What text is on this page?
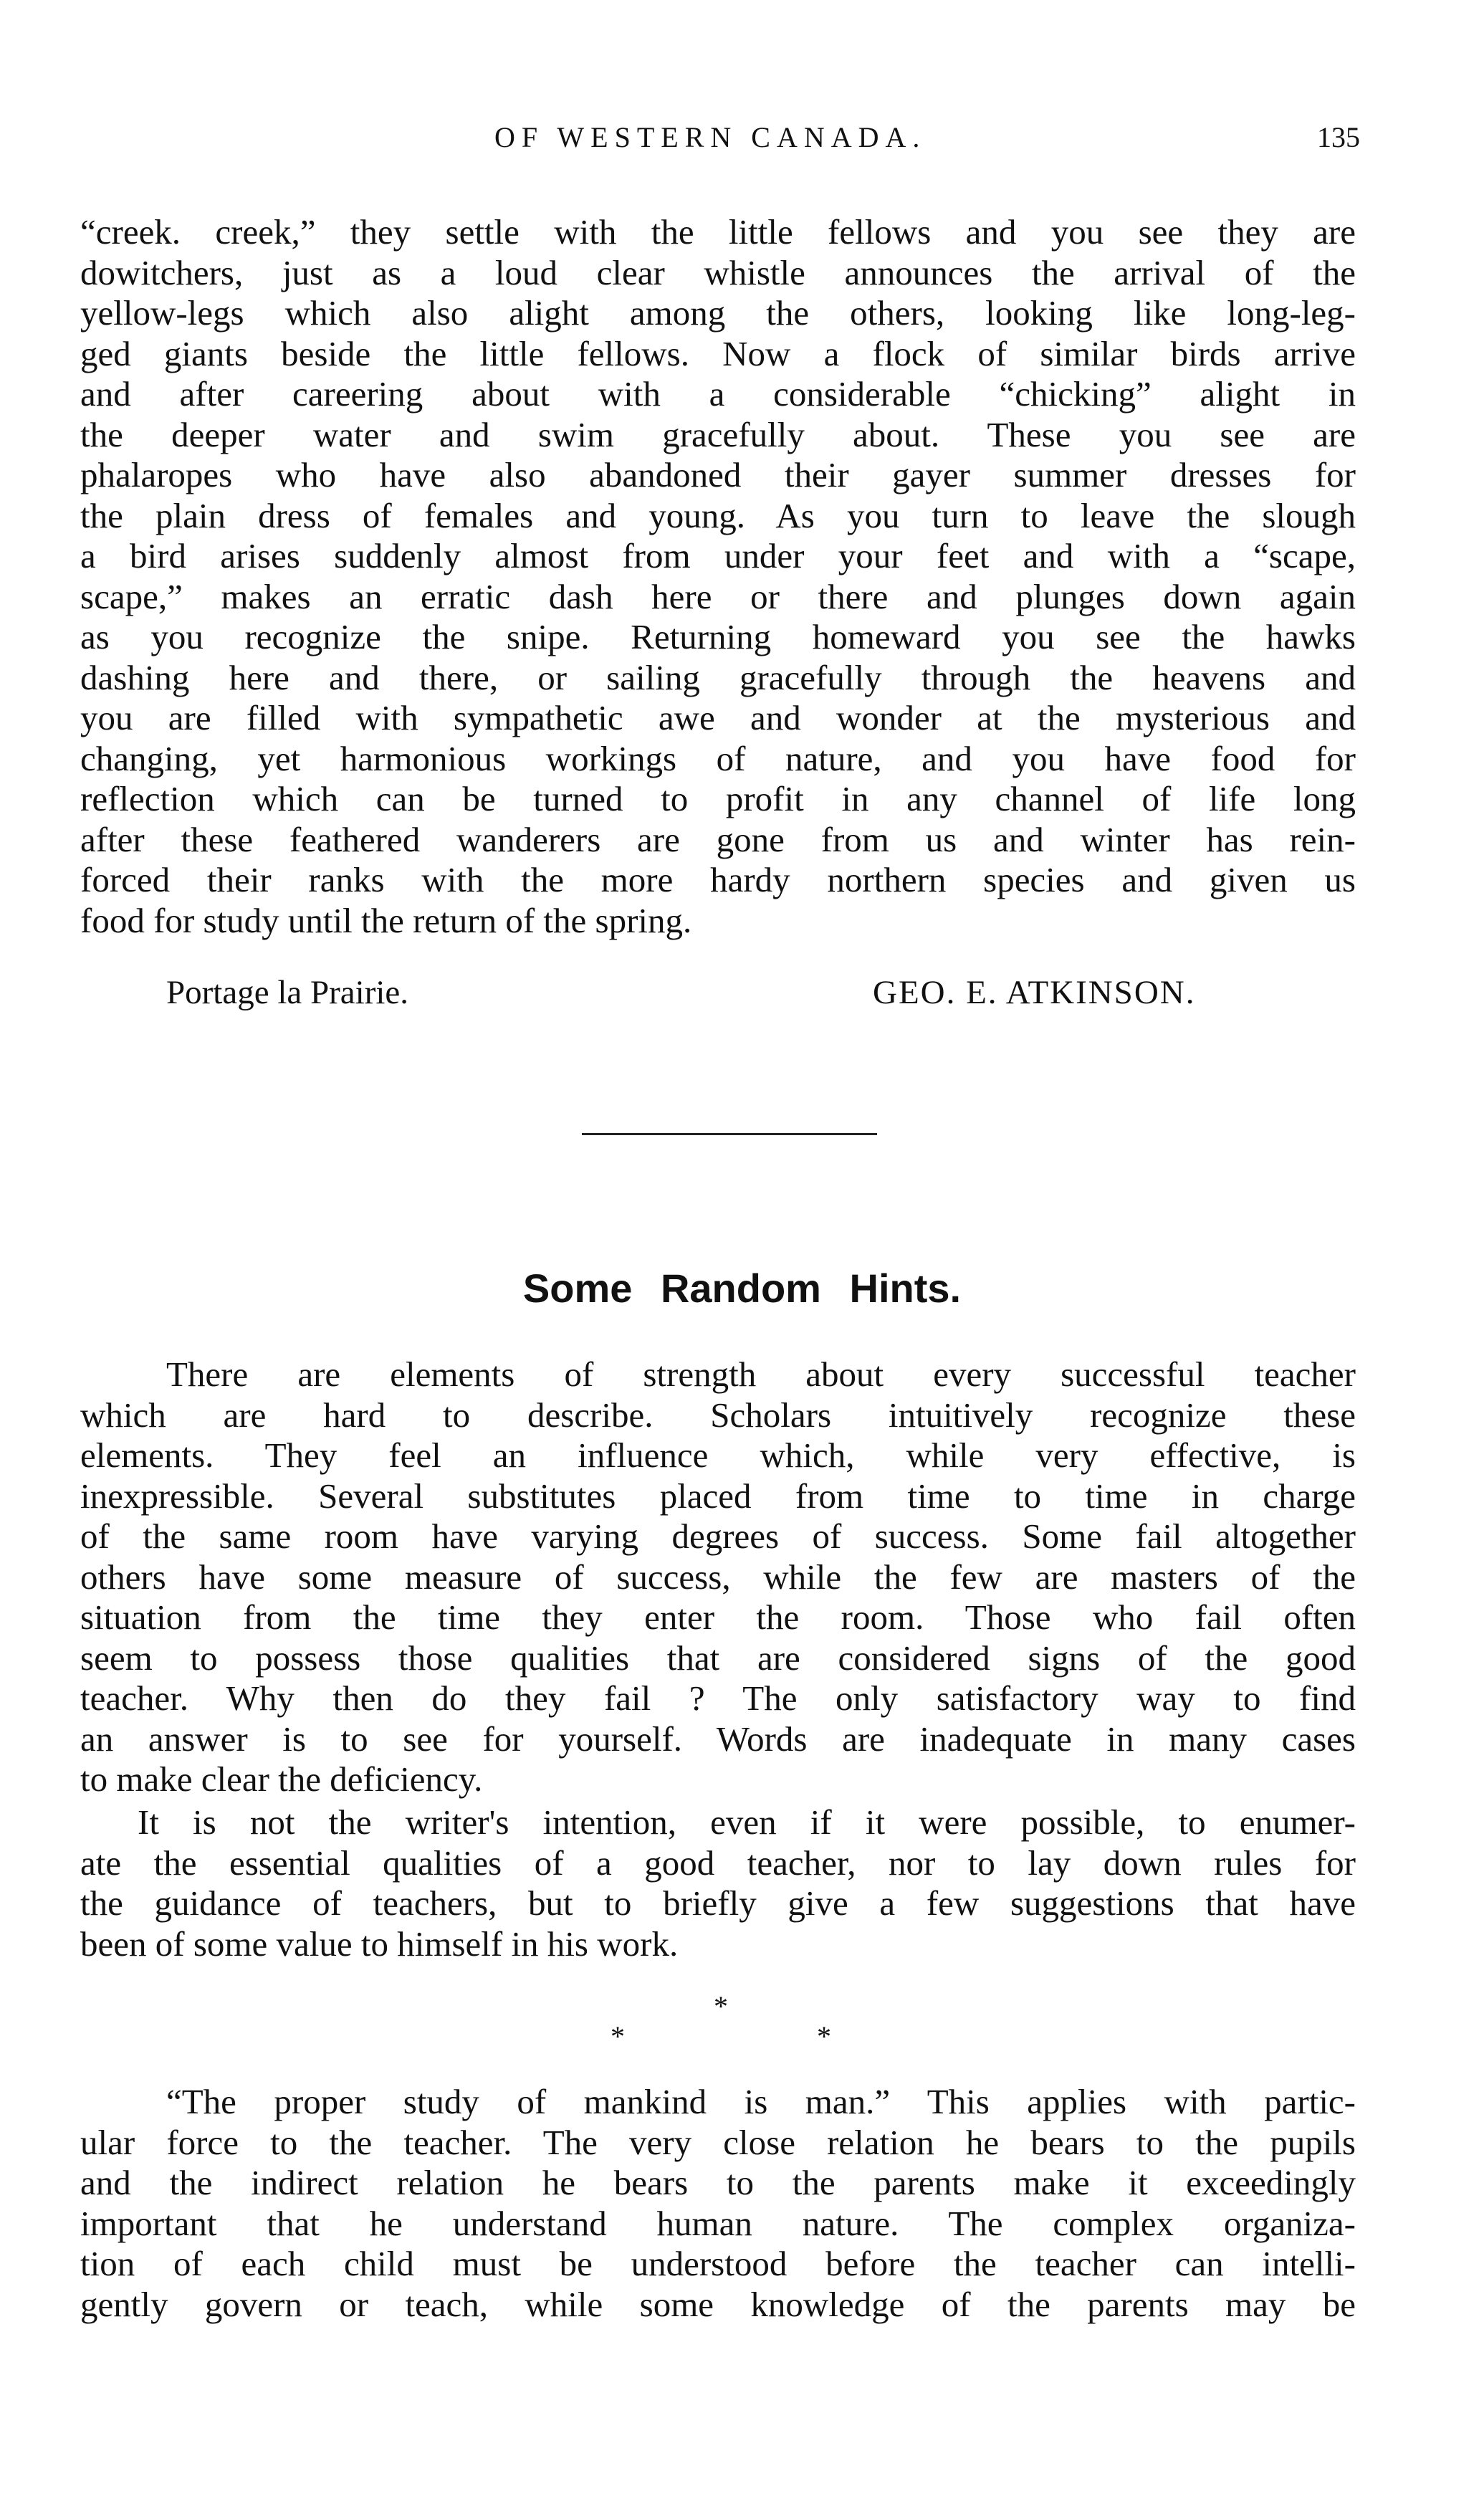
OF WESTERN CANADA.	135
“creek. creek,” they settle with the little fellows and you see they are
dowitchers, just as a loud clear whistle announces the arrival of the
yellow-legs which also alight among the others, looking like long-leg-
ged giants beside the little fellows. Now a flock of similar birds arrive
and after careering about with a considerable “chicking” alight in
the deeper water and swim gracefully about. These you see are
phalaropes who have also abandoned their gayer summer dresses for
the plain dress of females and young. As you turn to leave the slough
a bird arises suddenly almost from under your feet and with a “scape,
scape,” makes an erratic dash here or there and plunges down again
as you recognize the snipe. Returning homeward you see the hawks
dashing here and there, or sailing gracefully through the heavens and
you are filled with sympathetic awe and wonder at the mysterious and
changing, yet harmonious workings of nature, and you have food for
reflection which can be turned to profit in any channel of life long
after these feathered wanderers are gone from us and winter has rein-
forced their ranks with the more hardy northern species and given us
food for study until the return of the spring.
Portage la Prairie.	GEO. E. ATKINSON.
Some Random Hints.
There are elements of strength about every successful teacher
which are hard to describe. Scholars intuitively recognize these
elements. They feel an influence which, while very effective, is
inexpressible. Several substitutes placed from time to time in charge
of the same room have varying degrees of success. Some fail altogether
others have some measure of success, while the few are masters of the
situation from the time they enter the room. Those who fail often
seem to possess those qualities that are considered signs of the good
teacher. Why then do they fail ? The only satisfactory way to find
an answer is to see for yourself. Words are inadequate in many cases
to make clear the deficiency.
It is not the writer's intention, even if it were possible, to enumer-
ate the essential qualities of a good teacher, nor to lay down rules for
the guidance of teachers, but to briefly give a few suggestions that have
been of some value to himself in his work.
*
*	*
“The proper study of mankind is man.” This applies with partic-
ular force to the teacher. The very close relation he bears to the pupils
and the indirect relation he bears to the parents make it exceedingly
important that he understand human nature. The complex organiza-
tion of each child must be understood before the teacher can intelli-
gently govern or teach, while some knowledge of the parents may be
